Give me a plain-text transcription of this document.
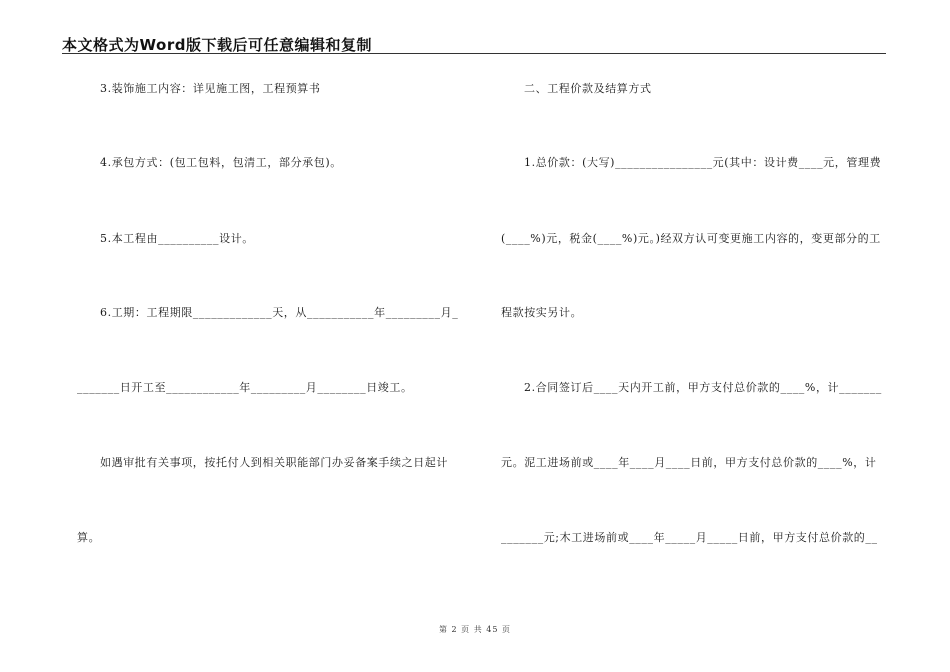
本文格式为Word版下载后可任意编辑和复制
3.装饰施工内容：详见施工图，工程预算书
4.承包方式：(包工包料，包清工，部分承包)。
5.本工程由__________设计。
6.工期：工程期限_____________天，从___________年_________月_
_______日开工至____________年_________月________日竣工。
如遇审批有关事项，按托付人到相关职能部门办妥备案手续之日起计
算。
二、工程价款及结算方式
1.总价款：(大写)________________元(其中：设计费____元，管理费
(____%)元，税金(____%)元。)经双方认可变更施工内容的，变更部分的工
程款按实另计。
2.合同签订后____天内开工前，甲方支付总价款的____%，计_______
元。泥工进场前或____年____月____日前，甲方支付总价款的____%，计
_______元;木工进场前或____年_____月_____日前，甲方支付总价款的__
第 2 页 共 45 页
